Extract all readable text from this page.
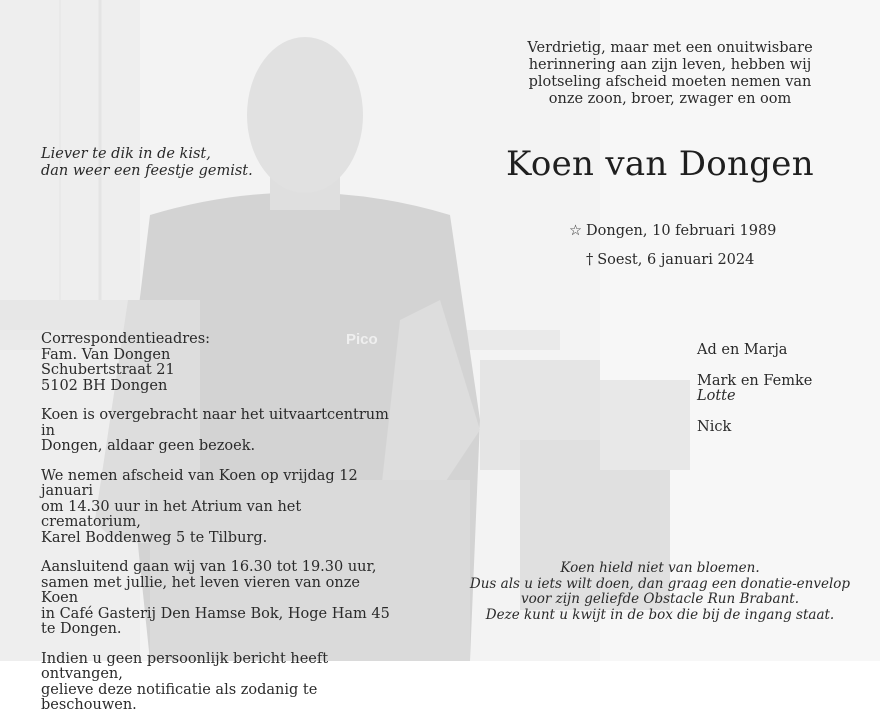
Pico
Liever te dik in de kist,
dan weer een feestje gemist.
Verdrietig, maar met een onuitwisbare
herinnering aan zijn leven, hebben wij
plotseling afscheid moeten nemen van
onze zoon, broer, zwager en oom
Koen van Dongen
☆ Dongen, 10 februari 1989
† Soest, 6 januari 2024
Ad en Marja
Mark en Femke
Lotte
Nick
Correspondentieadres:
Fam. Van Dongen
Schubertstraat 21
5102 BH Dongen
Koen is overgebracht naar het uitvaartcentrum in
Dongen, aldaar geen bezoek.
We nemen afscheid van Koen op vrijdag 12 januari
om 14.30 uur in het Atrium van het crematorium,
Karel Boddenweg 5 te Tilburg.
Aansluitend gaan wij van 16.30 tot 19.30 uur,
samen met jullie, het leven vieren van onze Koen
in Café Gasterij Den Hamse Bok, Hoge Ham 45
te Dongen.
Indien u geen persoonlijk bericht heeft ontvangen,
gelieve deze notificatie als zodanig te beschouwen.
Koen hield niet van bloemen.
Dus als u iets wilt doen, dan graag een donatie-envelop
voor zijn geliefde Obstacle Run Brabant.
Deze kunt u kwijt in de box die bij de ingang staat.
